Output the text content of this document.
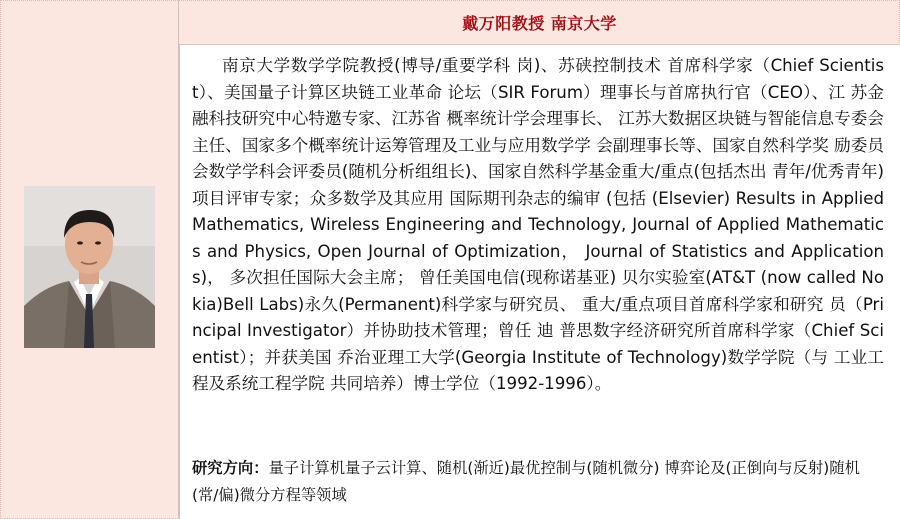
戴万阳教授 南京大学

南京大学数学学院教授(博导/重要学科 岗)、苏硖控制技术 首席科学家（Chief Scientist）、美国量子计算区块链工业革命 论坛（SIR Forum）理事长与首席执行官（CEO）、江 苏金融科技研究中心特邀专家、江苏省 概率统计学会理事长、 江苏大数据区块链与智能信息专委会主任、国家多个概率统计运筹管理及工业与应用数学学 会副理事长等、国家自然科学奖 励委员会数学学科会评委员(随机分析组组长)、国家自然科学基金重大/重点(包括杰出 青年/优秀青年)项目评审专家；众多数学及其应用 国际期刊杂志的编审 (包括 (Elsevier) Results in Applied Mathematics, Wireless Engineering and Technology, Journal of Applied Mathematics and Physics, Open Journal of Optimization， Journal of Statistics and Applications)， 多次担任国际大会主席； 曾任美国电信(现称诺基亚) 贝尔实验室(AT&T (now called Nokia)Bell Labs)永久(Permanent)科学家与研究员、 重大/重点项目首席科学家和研究 员（Principal Investigator）并协助技术管理；曾任 迪 普思数字经济研究所首席科学家（Chief Scientist）；并获美国 乔治亚理工大学(Georgia Institute of Technology)数学学院（与 工业工程及系统工程学院 共同培养）博士学位（1992-1996）。

研究方向：量子计算机量子云计算、随机(渐近)最优控制与(随机微分) 博弈论及(正倒向与反射)随机(常/偏)微分方程等领域
